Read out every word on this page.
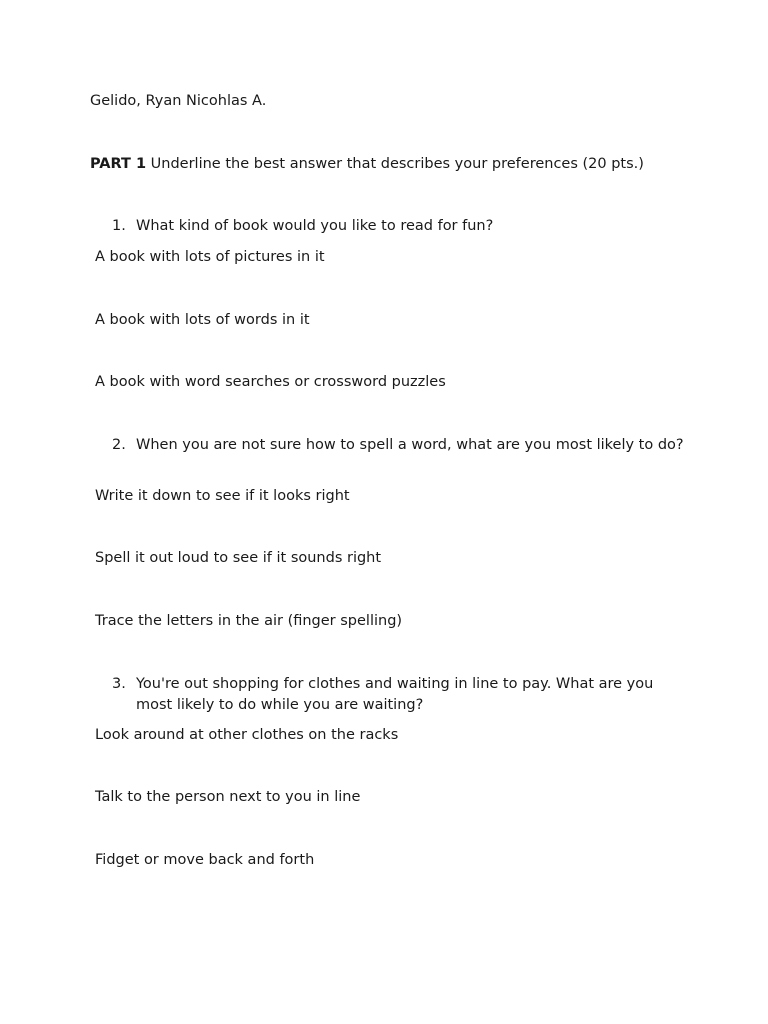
Gelido, Ryan Nicohlas A.
PART 1 Underline the best answer that describes your preferences (20 pts.)
1. What kind of book would you like to read for fun?
A book with lots of pictures in it
A book with lots of words in it
A book with word searches or crossword puzzles
2. When you are not sure how to spell a word, what are you most likely to do?
Write it down to see if it looks right
Spell it out loud to see if it sounds right
Trace the letters in the air (finger spelling)
3. You're out shopping for clothes and waiting in line to pay. What are you most likely to do while you are waiting?
Look around at other clothes on the racks
Talk to the person next to you in line
Fidget or move back and forth
